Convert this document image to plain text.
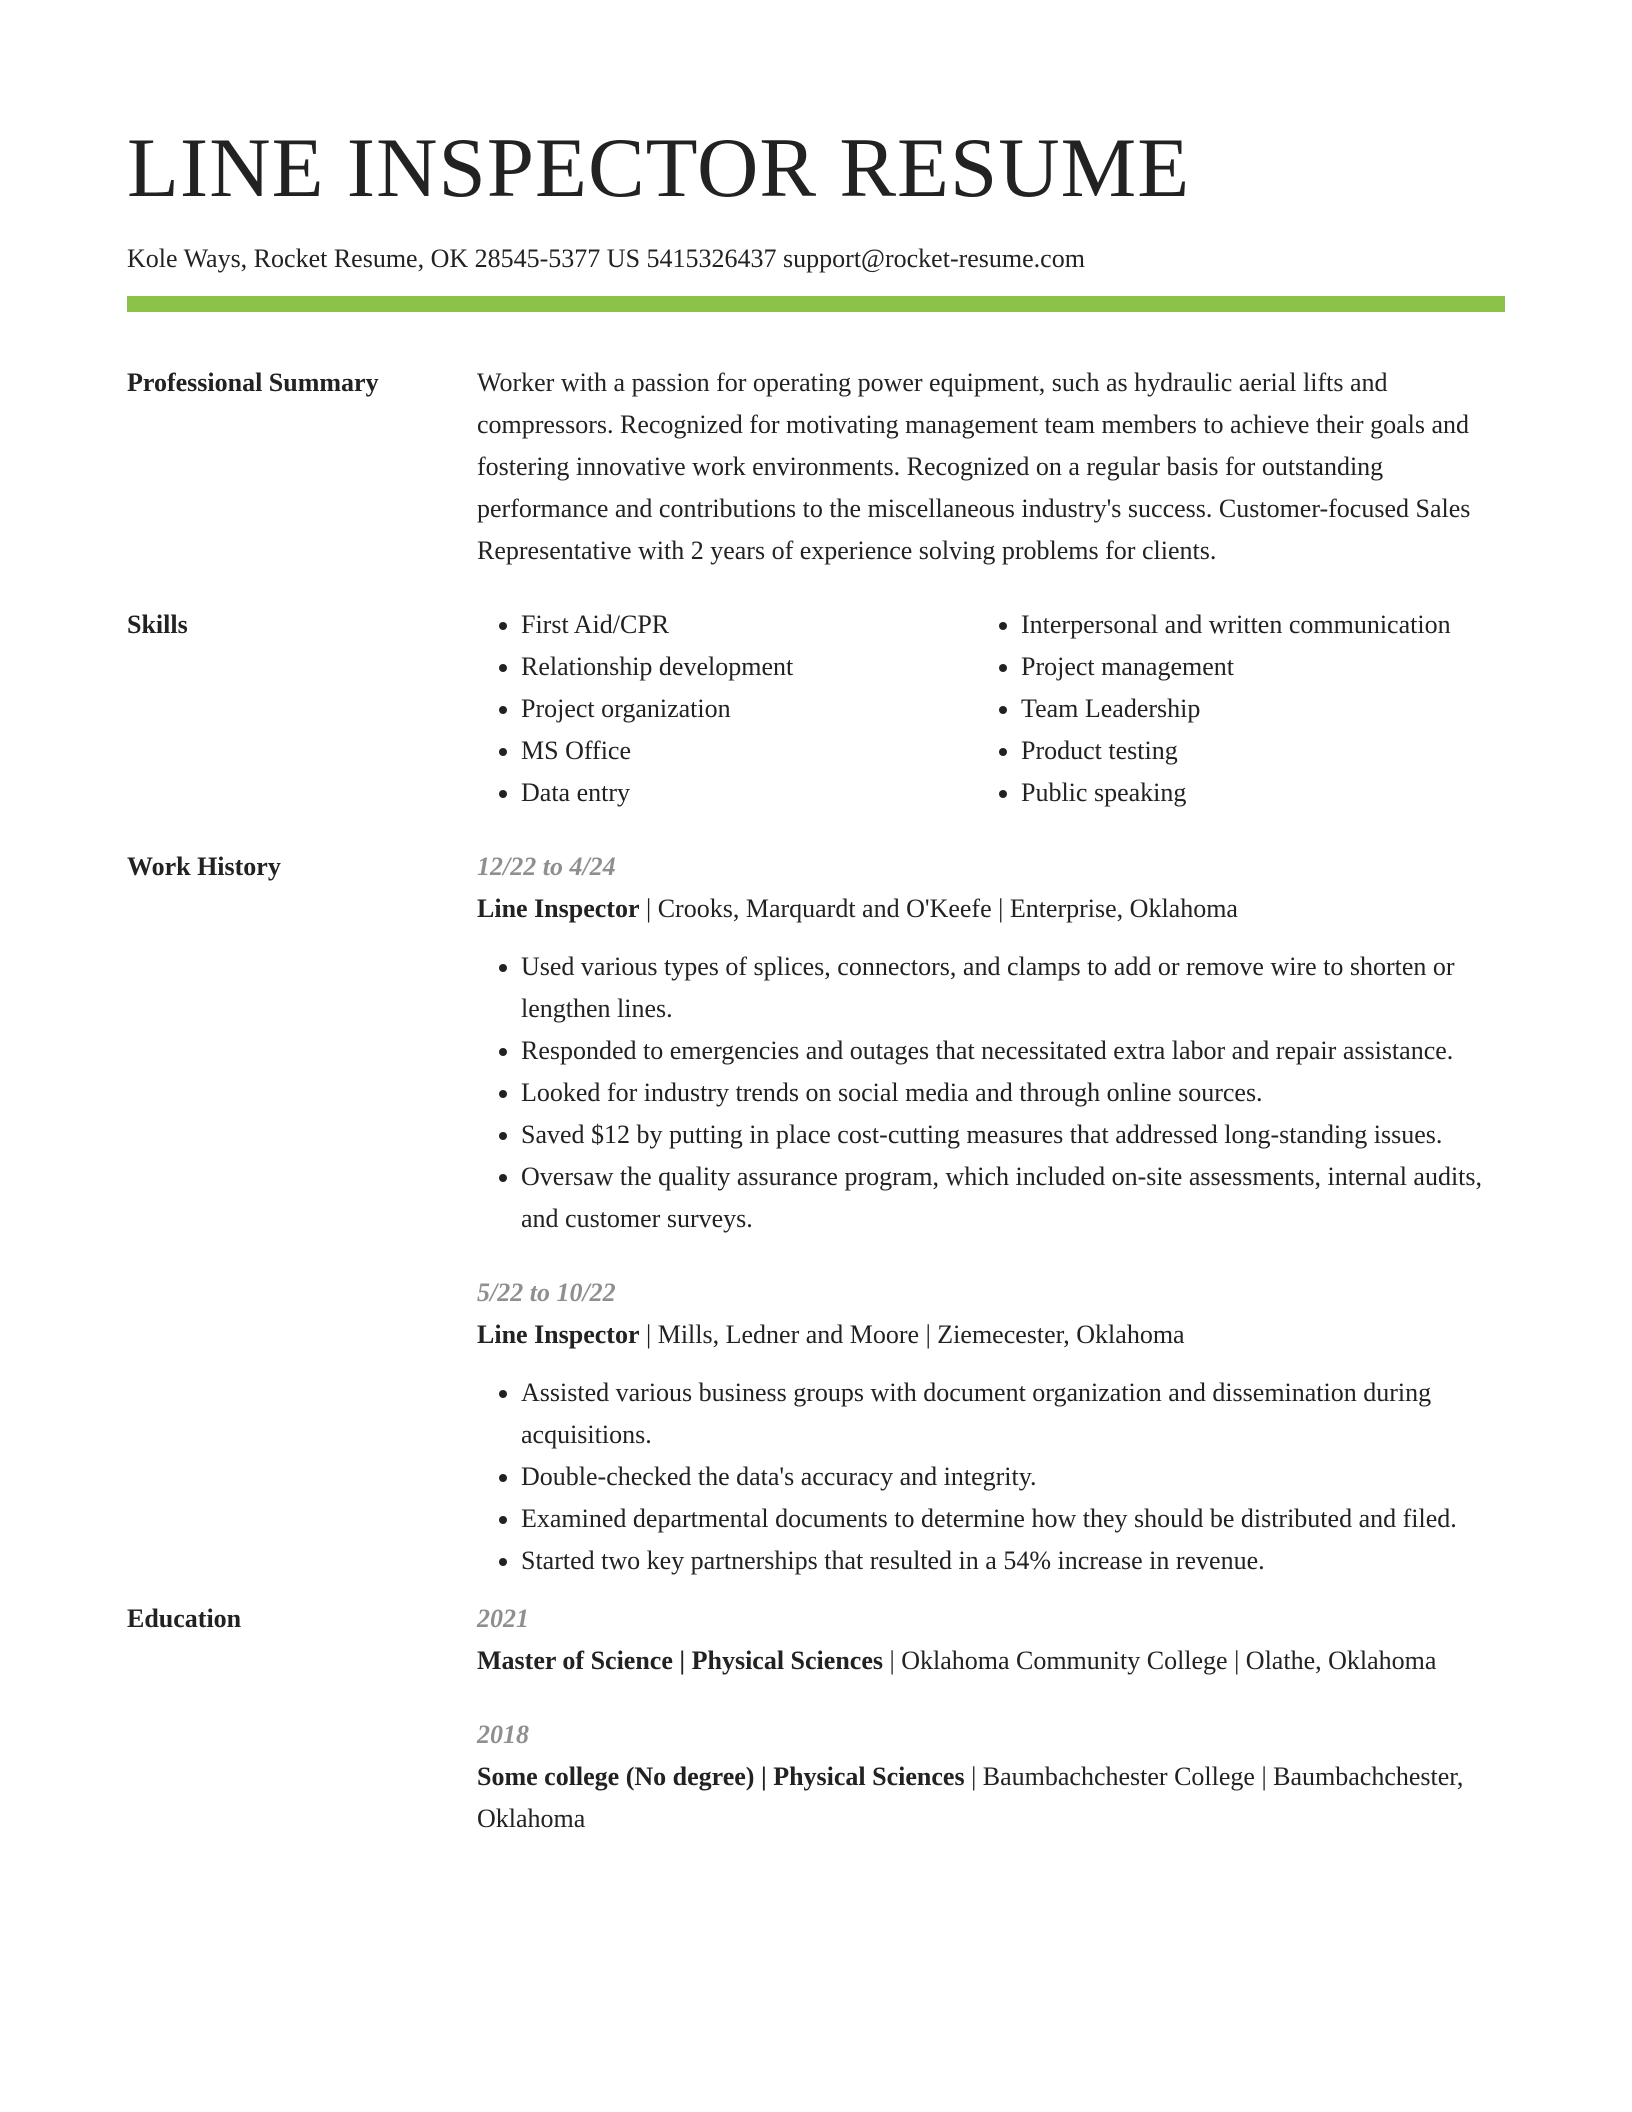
LINE INSPECTOR RESUME
Kole Ways, Rocket Resume, OK 28545-5377 US 5415326437 support@rocket-resume.com
Professional Summary	Worker with a passion for operating power equipment, such as hydraulic aerial lifts and compressors. Recognized for motivating management team members to achieve their goals and fostering innovative work environments. Recognized on a regular basis for outstanding performance and contributions to the miscellaneous industry's success. Customer-focused Sales Representative with 2 years of experience solving problems for clients.
Skills
•	First Aid/CPR
• Relationship development
• Project organization
• MS Office
• Data entry
• Interpersonal and written communication
• Project management
• Team Leadership
• Product testing
• Public speaking
Work History	12/22 to 4/24
Line Inspector | Crooks, Marquardt and O'Keefe | Enterprise, Oklahoma
• Used various types of splices, connectors, and clamps to add or remove wire to shorten or lengthen lines.
• Responded to emergencies and outages that necessitated extra labor and repair assistance.
• Looked for industry trends on social media and through online sources.
• Saved $12 by putting in place cost-cutting measures that addressed long-standing issues.
• Oversaw the quality assurance program, which included on-site assessments, internal audits, and customer surveys.
5/22 to 10/22
Line Inspector | Mills, Ledner and Moore | Ziemecester, Oklahoma
• Assisted various business groups with document organization and dissemination during acquisitions.
• Double-checked the data's accuracy and integrity.
• Examined departmental documents to determine how they should be distributed and filed.
• Started two key partnerships that resulted in a 54% increase in revenue.
Education	2021
Master of Science | Physical Sciences | Oklahoma Community College | Olathe, Oklahoma
2018
Some college (No degree) | Physical Sciences | Baumbachchester College | Baumbachchester, Oklahoma
